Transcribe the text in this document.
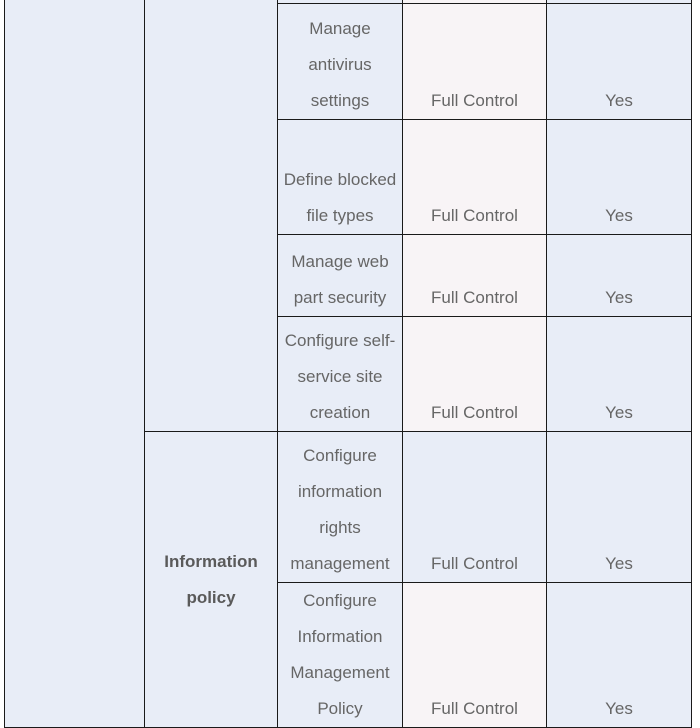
		Manage antivirus settings	Full Control	Yes
		Define blocked file types	Full Control	Yes
		Manage web part security	Full Control	Yes
		Configure self-service site creation	Full Control	Yes

	Information policy	Configure information rights management	Full Control	Yes
		Configure Information Management Policy	Full Control	Yes
